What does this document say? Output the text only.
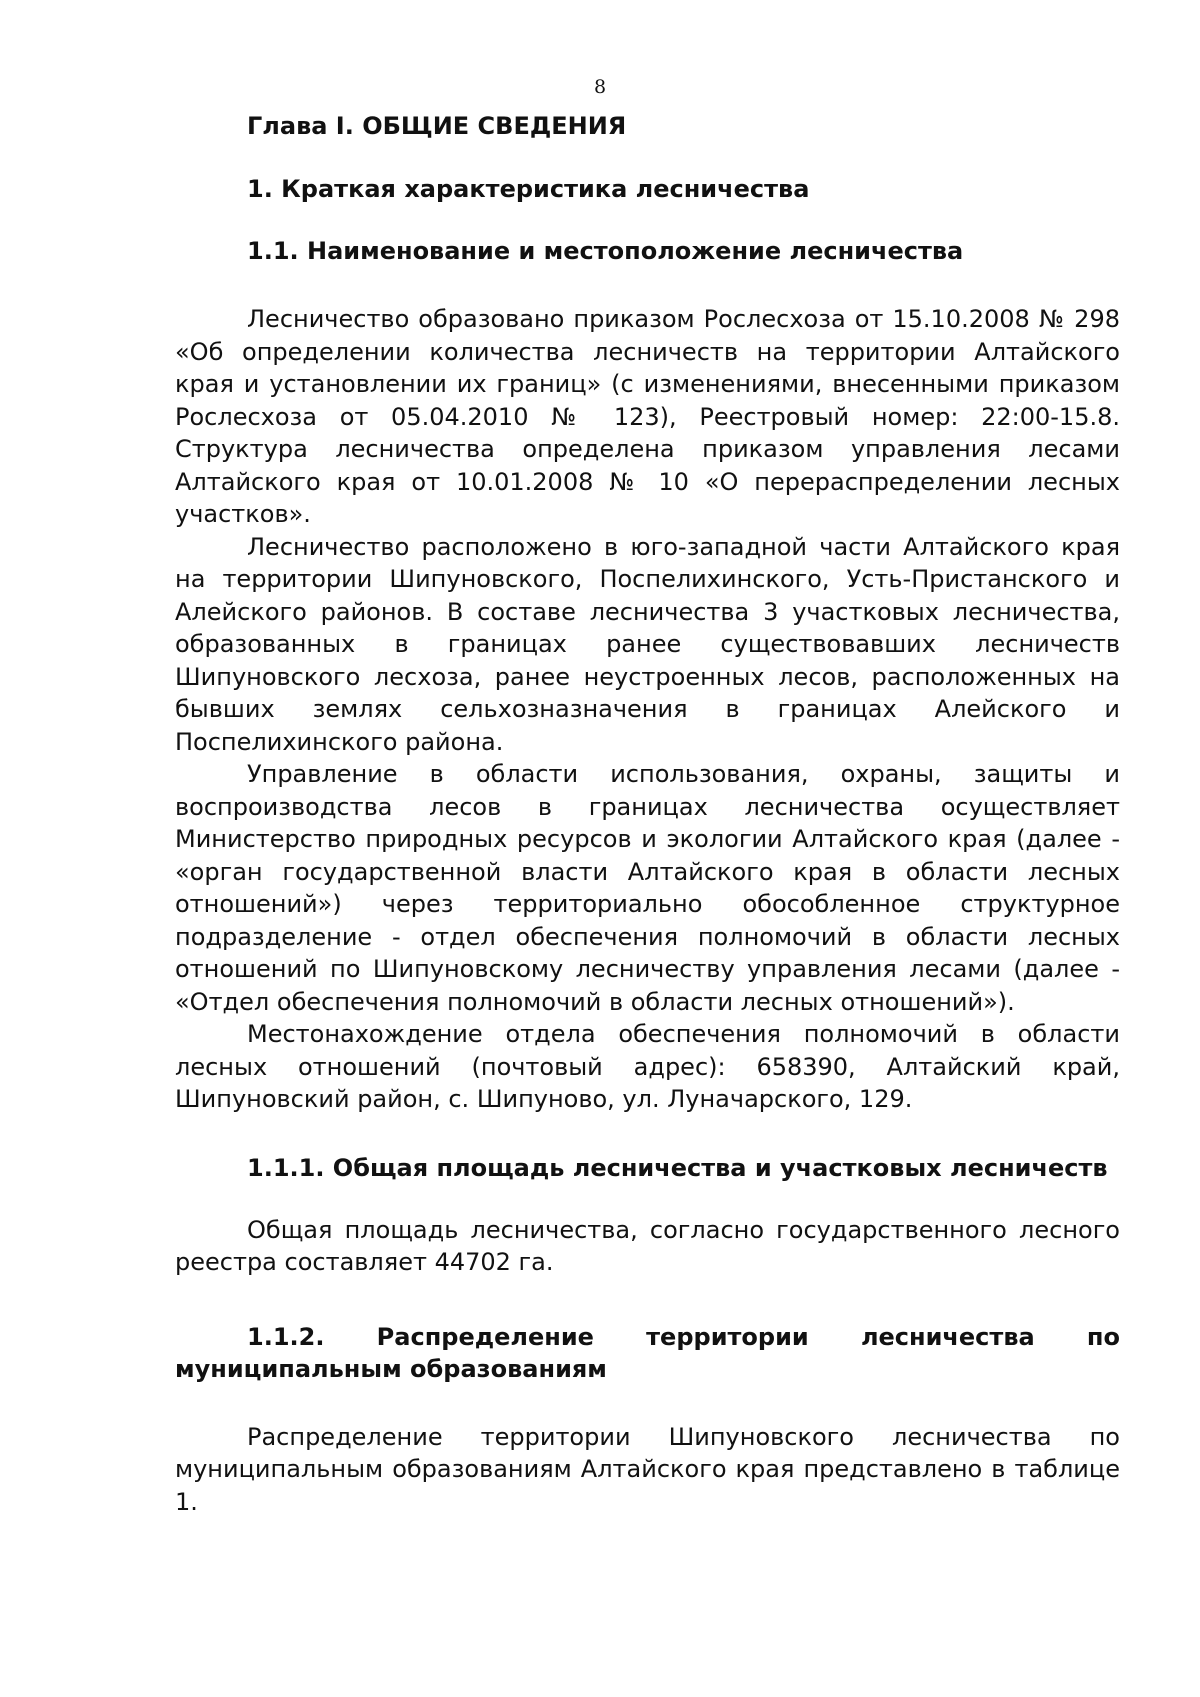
8
Глава I. ОБЩИЕ СВЕДЕНИЯ
1. Краткая характеристика лесничества
1.1. Наименование и местоположение лесничества

Лесничество образовано приказом Рослесхоза от 15.10.2008 № 298 «Об определении количества лесничеств на территории Алтайского края и установлении их границ» (с изменениями, внесенными приказом Рослесхоза от 05.04.2010 № 123), Реестровый номер: 22:00-15.8. Структура лесничества определена приказом управления лесами Алтайского края от 10.01.2008 № 10 «О перераспределении лесных участков».

Лесничество расположено в юго-западной части Алтайского края на территории Шипуновского, Поспелихинского, Усть-Пристанского и Алейского районов. В составе лесничества 3 участковых лесничества, образованных в границах ранее существовавших лесничеств Шипуновского лесхоза, ранее неустроенных лесов, расположенных на бывших землях сельхозназначения в границах Алейского и Поспелихинского района.

Управление в области использования, охраны, защиты и воспроизводства лесов в границах лесничества осуществляет Министерство природных ресурсов и экологии Алтайского края (далее - «орган государственной власти Алтайского края в области лесных отношений») через территориально обособленное структурное подразделение - отдел обеспечения полномочий в области лесных отношений по Шипуновскому лесничеству управления лесами (далее - «Отдел обеспечения полномочий в области лесных отношений»).

Местонахождение отдела обеспечения полномочий в области лесных отношений (почтовый адрес): 658390, Алтайский край, Шипуновский район, с. Шипуново, ул. Луначарского, 129.

1.1.1. Общая площадь лесничества и участковых лесничеств

Общая площадь лесничества, согласно государственного лесного реестра составляет 44702 га.

1.1.2. Распределение территории лесничества по муниципальным образованиям

Распределение территории Шипуновского лесничества по муниципальным образованиям Алтайского края представлено в таблице 1.
